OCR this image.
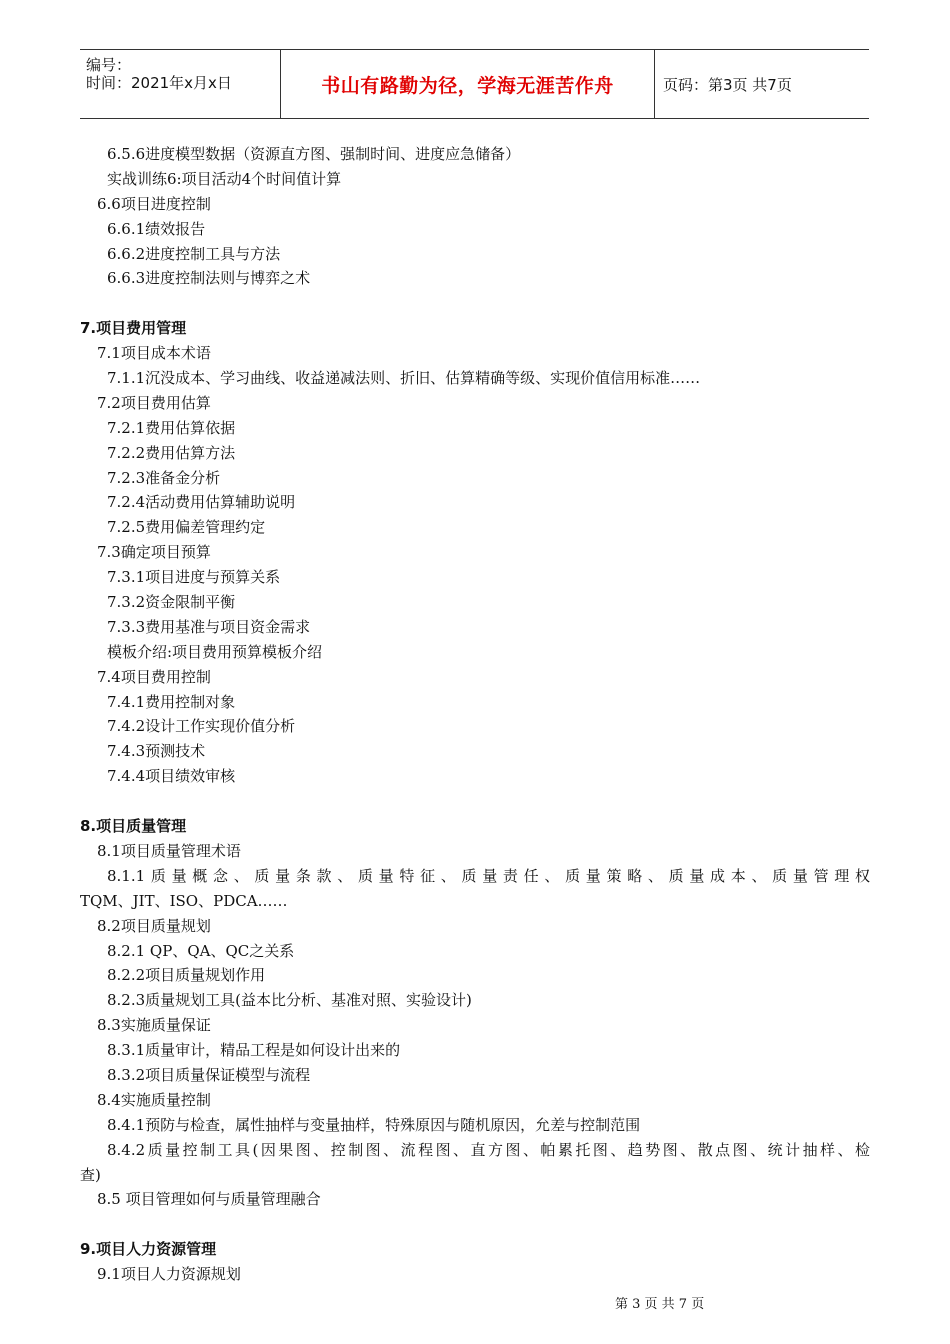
编号：
时间：2021年x月x日	书山有路勤为径，学海无涯苦作舟	页码：第3页 共7页
6.5.6进度模型数据（资源直方图、强制时间、进度应急储备）
实战训练6:项目活动4个时间值计算
6.6项目进度控制
6.6.1绩效报告
6.6.2进度控制工具与方法
6.6.3进度控制法则与博弈之术
7.项目费用管理
7.1项目成本术语
7.1.1沉没成本、学习曲线、收益递减法则、折旧、估算精确等级、实现价值信用标准……
7.2项目费用估算
7.2.1费用估算依据
7.2.2费用估算方法
7.2.3准备金分析
7.2.4活动费用估算辅助说明
7.2.5费用偏差管理约定
7.3确定项目预算
7.3.1项目进度与预算关系
7.3.2资金限制平衡
7.3.3费用基准与项目资金需求
模板介绍:项目费用预算模板介绍
7.4项目费用控制
7.4.1费用控制对象
7.4.2设计工作实现价值分析
7.4.3预测技术
7.4.4项目绩效审核
8.项目质量管理
8.1项目质量管理术语
8.1.1质量概念、质量条款、质量特征、质量责任、质量策略、质量成本、质量管理权
TQM、JIT、ISO、PDCA……
8.2项目质量规划
8.2.1 QP、QA、QC之关系
8.2.2项目质量规划作用
8.2.3质量规划工具(益本比分析、基准对照、实验设计)
8.3实施质量保证
8.3.1质量审计，精品工程是如何设计出来的
8.3.2项目质量保证模型与流程
8.4实施质量控制
8.4.1预防与检查，属性抽样与变量抽样，特殊原因与随机原因，允差与控制范围
8.4.2质量控制工具(因果图、控制图、流程图、直方图、帕累托图、趋势图、散点图、统计抽样、检
查)
8.5 项目管理如何与质量管理融合
9.项目人力资源管理
9.1项目人力资源规划
第 3 页 共 7 页
